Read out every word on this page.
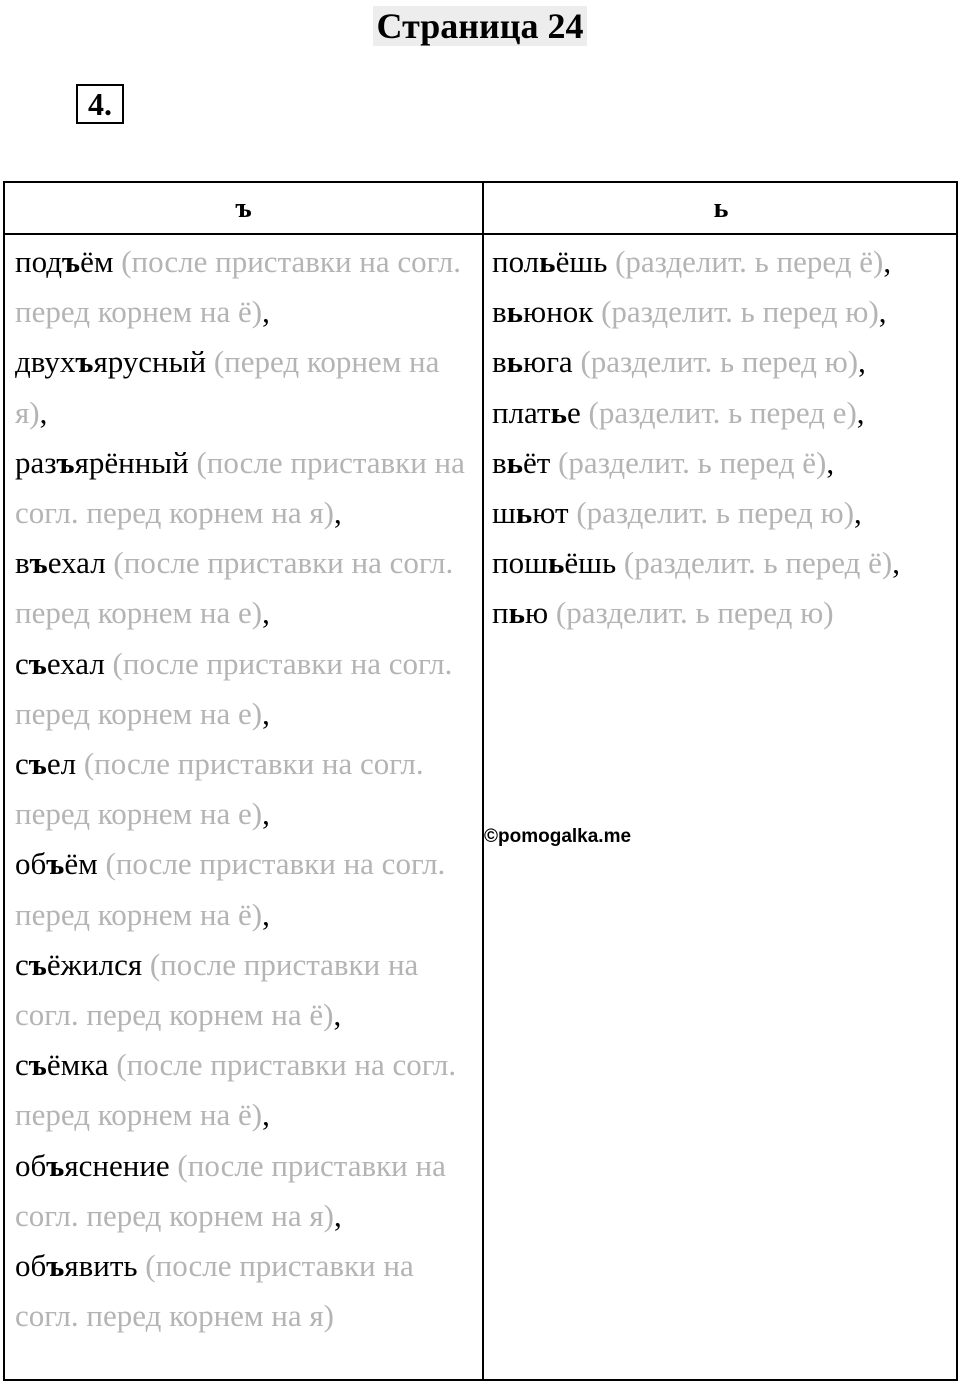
Страница 24
4.
ъ	ь
подъём (после приставки на согл. перед корнем на ё),
двухъярусный (перед корнем на я),
разъярённый (после приставки на согл. перед корнем на я),
въехал (после приставки на согл. перед корнем на е),
съехал (после приставки на согл. перед корнем на е),
съел (после приставки на согл. перед корнем на е),
объём (после приставки на согл. перед корнем на ё),
съёжился (после приставки на согл. перед корнем на ё),
съёмка (после приставки на согл. перед корнем на ё),
объяснение (после приставки на согл. перед корнем на я),
объявить (после приставки на согл. перед корнем на я)

польёшь (разделит. ь перед ё),
вьюнок (разделит. ь перед ю),
вьюга (разделит. ь перед ю),
платье (разделит. ь перед е),
вьёт (разделит. ь перед ё),
шьют (разделит. ь перед ю),
пошьёшь (разделит. ь перед ё),
пью (разделит. ь перед ю)

©pomogalka.me
